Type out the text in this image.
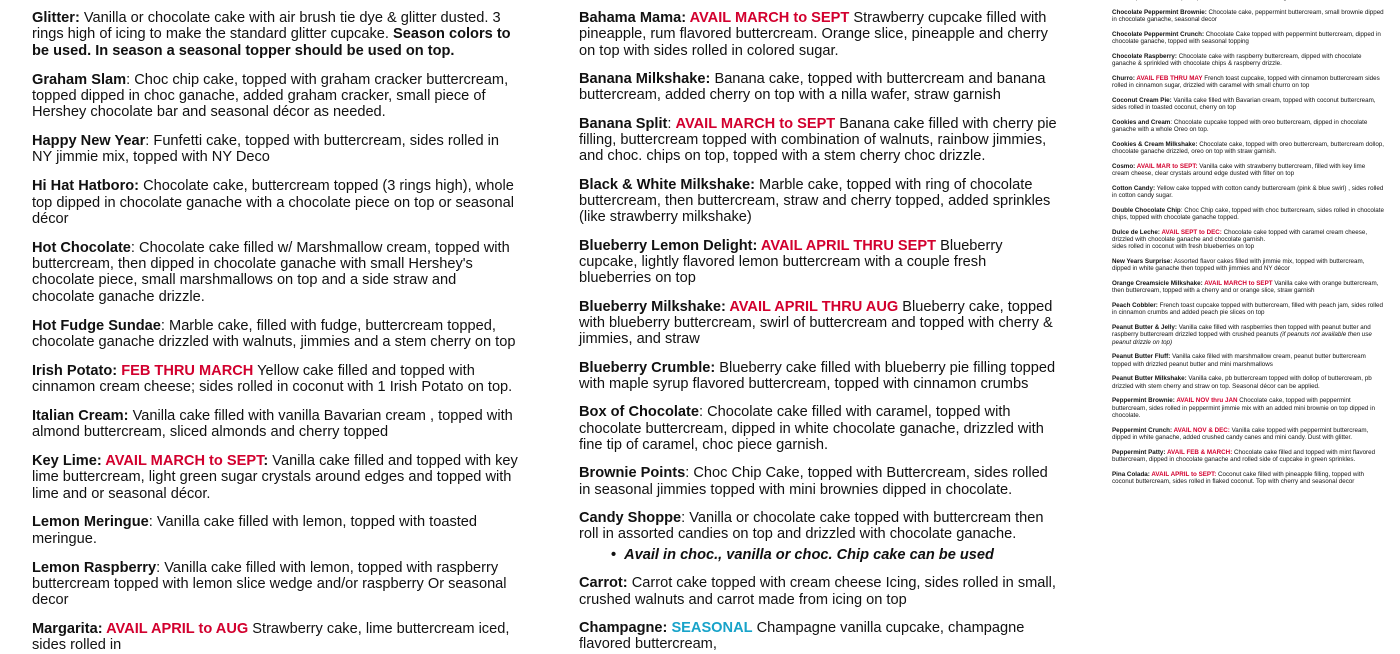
Glitter: Vanilla or chocolate cake with air brush tie dye & glitter dusted. 3 rings high of icing to make the standard glitter cupcake. Season colors to be used. In season a seasonal topper should be used on top.

Graham Slam: Choc chip cake, topped with graham cracker buttercream, topped dipped in choc ganache, added graham cracker, small piece of Hershey chocolate bar and seasonal décor as needed.

Happy New Year: Funfetti cake, topped with buttercream, sides rolled in NY jimmie mix, topped with NY Deco

Hi Hat Hatboro: Chocolate cake, buttercream topped (3 rings high), whole top dipped in chocolate ganache with a chocolate piece on top or seasonal décor

Hot Chocolate: Chocolate cake filled w/ Marshmallow cream, topped with buttercream, then dipped in chocolate ganache with small Hershey's chocolate piece, small marshmallows on top and a side straw and chocolate ganache drizzle.

Hot Fudge Sundae: Marble cake, filled with fudge, buttercream topped, chocolate ganache drizzled with walnuts, jimmies and a stem cherry on top

Irish Potato: FEB THRU MARCH Yellow cake filled and topped with cinnamon cream cheese; sides rolled in coconut with 1 Irish Potato on top.

Italian Cream: Vanilla cake filled with vanilla Bavarian cream , topped with almond buttercream, sliced almonds and cherry topped

Key Lime: AVAIL MARCH to SEPT: Vanilla cake filled and topped with key lime buttercream, light green sugar crystals around edges and topped with lime and or seasonal décor.

Lemon Meringue: Vanilla cake filled with lemon, topped with toasted meringue.

Lemon Raspberry: Vanilla cake filled with lemon, topped with raspberry buttercream topped with lemon slice wedge and/or raspberry Or seasonal decor

Margarita: AVAIL APRIL to AUG Strawberry cake, lime buttercream iced, sides rolled in

Bahama Mama: AVAIL MARCH to SEPT Strawberry cupcake filled with pineapple, rum flavored buttercream. Orange slice, pineapple and cherry on top with sides rolled in colored sugar.

Banana Milkshake: Banana cake, topped with buttercream and banana buttercream, added cherry on top with a nilla wafer, straw garnish

Banana Split: AVAIL MARCH to SEPT Banana cake filled with cherry pie filling, buttercream topped with combination of walnuts, rainbow jimmies, and choc. chips on top, topped with a stem cherry choc drizzle.

Black & White Milkshake: Marble cake, topped with ring of chocolate buttercream, then buttercream, straw and cherry topped, added sprinkles (like strawberry milkshake)

Blueberry Lemon Delight: AVAIL APRIL THRU SEPT Blueberry cupcake, lightly flavored lemon buttercream with a couple fresh blueberries on top

Blueberry Milkshake: AVAIL APRIL THRU AUG Blueberry cake, topped with blueberry buttercream, swirl of buttercream and topped with cherry & jimmies, and straw

Blueberry Crumble: Blueberry cake filled with blueberry pie filling topped with maple syrup flavored buttercream, topped with cinnamon crumbs

Box of Chocolate: Chocolate cake filled with caramel, topped with chocolate buttercream, dipped in white chocolate ganache, drizzled with fine tip of caramel, choc piece garnish.

Brownie Points: Choc Chip Cake, topped with Buttercream, sides rolled in seasonal jimmies topped with mini brownies dipped in chocolate.

Candy Shoppe: Vanilla or chocolate cake topped with buttercream then roll in assorted candies on top and drizzled with chocolate ganache.

• Avail in choc., vanilla or choc. Chip cake can be used

Carrot: Carrot cake topped with cream cheese Icing, sides rolled in small, crushed walnuts and carrot made from icing on top

Champagne: SEASONAL Champagne vanilla cupcake, champagne flavored buttercream,

Chocolate Peppermint Brownie: Chocolate cake, peppermint buttercream, small brownie dipped in chocolate ganache, seasonal decor

Chocolate Peppermint Crunch: Chocolate Cake topped with peppermint buttercream, dipped in chocolate ganache, topped with seasonal topping

Chocolate Raspberry: Chocolate cake with raspberry buttercream, dipped with chocolate ganache & sprinkled with chocolate chips & raspberry drizzle.

Churro: AVAIL FEB THRU MAY French toast cupcake, topped with cinnamon buttercream sides rolled in cinnamon sugar, drizzled with caramel with small churro on top

Coconut Cream Pie: Vanilla cake filled with Bavarian cream, topped with coconut buttercream, sides rolled in toasted coconut, cherry on top

Cookies and Cream: Chocolate cupcake topped with oreo buttercream, dipped in chocolate ganache with a whole Oreo on top.

Cookies & Cream Milkshake: Chocolate cake, topped with oreo buttercream, buttercream dollop, chocolate ganache drizzled, oreo on top with straw garnish.

Cosmo: AVAIL MAR to SEPT: Vanilla cake with strawberry buttercream, filled with key lime cream cheese, clear crystals around edge dusted with filter on top

Cotton Candy: Yellow cake topped with cotton candy buttercream (pink & blue swirl) , sides rolled in cotton candy sugar.

Double Chocolate Chip: Choc Chip cake, topped with choc buttercream, sides rolled in chocolate chips, topped with chocolate ganache topped.

Dulce de Leche: AVAIL SEPT to DEC: Chocolate cake topped with caramel cream cheese, drizzled with chocolate ganache and chocolate garnish.

sides rolled in coconut with fresh blueberries on top

New Years Surprise: Assorted flavor cakes filled with jimmie mix, topped with buttercream, dipped in white ganache then topped with jimmies and NY décor

Orange Creamsicle Milkshake: AVAIL MARCH to SEPT Vanilla cake with orange buttercream, then buttercream, topped with a cherry and or orange slice, straw garnish

Peach Cobbler: French toast cupcake topped with buttercream, filled with peach jam, sides rolled in cinnamon crumbs and added peach pie slices on top

Peanut Butter & Jelly: Vanilla cake filled with raspberries then topped with peanut butter and raspberry buttercream drizzled topped with crushed peanuts (if peanuts not available then use peanut drizzle on top)

Peanut Butter Fluff: Vanilla cake filled with marshmallow cream, peanut butter buttercream topped with drizzled peanut butter and mini marshmallows

Peanut Butter Milkshake: Vanilla cake, pb buttercream topped with dollop of buttercream, pb drizzled with stem cherry and straw on top. Seasonal décor can be applied.

Peppermint Brownie: AVAIL NOV thru JAN Chocolate cake, topped with peppermint buttercream, sides rolled in peppermint jimmie mix with an added mini brownie on top dipped in chocolate.

Peppermint Crunch: AVAIL NOV & DEC: Vanilla cake topped with peppermint buttercream, dipped in white ganache, added crushed candy canes and mini candy. Dust with glitter.

Peppermint Patty: AVAIL FEB & MARCH: Chocolate cake filled and topped with mint flavored buttercream, dipped in chocolate ganache and rolled side of cupcake in green sprinkles.

Pina Colada: AVAIL APRIL to SEPT: Coconut cake filled with pineapple filling, topped with coconut buttercream, sides rolled in flaked coconut. Top with cherry and seasonal decor
